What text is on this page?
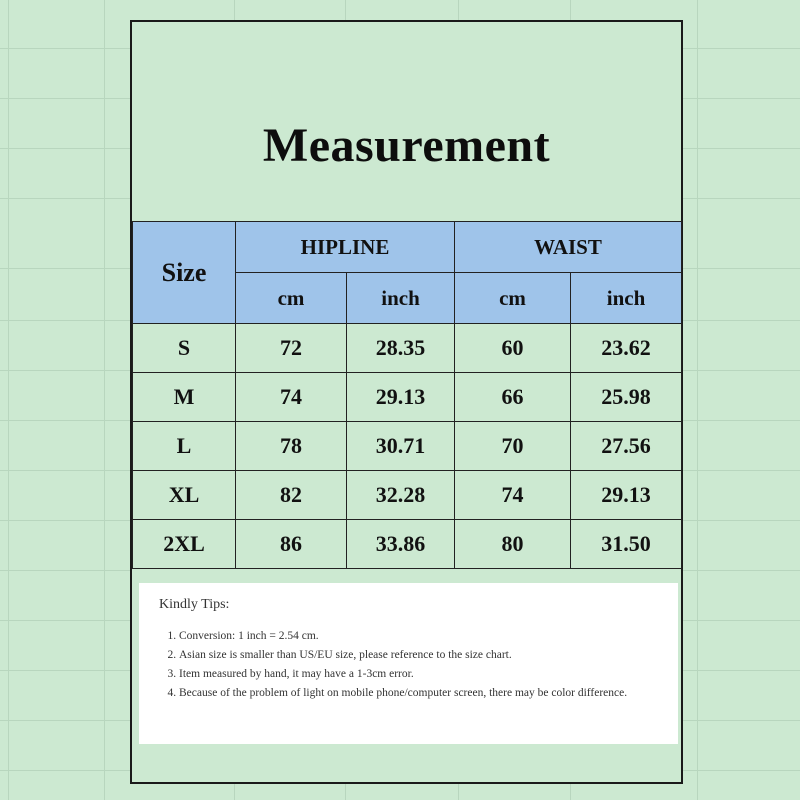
Measurement
Size	HIPLINE		WAIST	
	cm	inch	cm	inch
S	72	28.35	60	23.62
M	74	29.13	66	25.98
L	78	30.71	70	27.56
XL	82	32.28	74	29.13
2XL	86	33.86	80	31.50
Kindly Tips:
1. Conversion: 1 inch = 2.54 cm.
2. Asian size is smaller than US/EU size, please reference to the size chart.
3. Item measured by hand, it may have a 1-3cm error.
4. Because of the problem of light on mobile phone/computer screen, there may be color difference.
